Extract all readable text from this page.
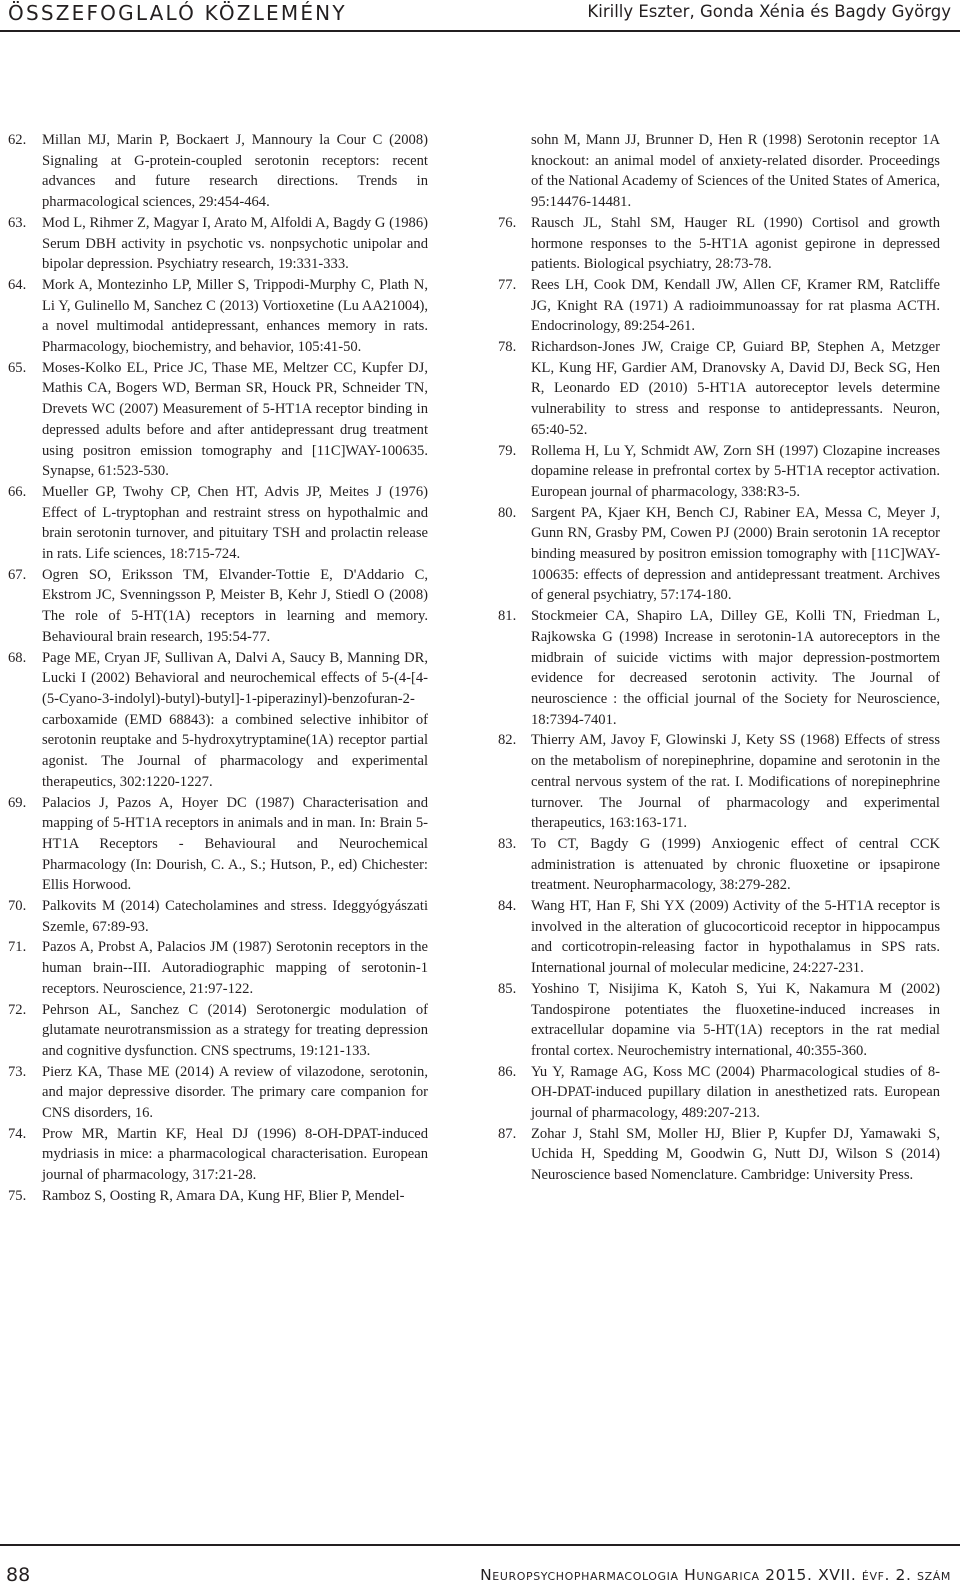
ÖSSZEFOGLALÓ KÖZLEMÉNY	Kirilly Eszter, Gonda Xénia és Bagdy György
62. Millan MJ, Marin P, Bockaert J, Mannoury la Cour C (2008) Signaling at G-protein-coupled serotonin receptors: recent advances and future research directions. Trends in pharmacological sciences, 29:454-464.
63. Mod L, Rihmer Z, Magyar I, Arato M, Alfoldi A, Bagdy G (1986) Serum DBH activity in psychotic vs. nonpsychotic unipolar and bipolar depression. Psychiatry research, 19:331-333.
64. Mork A, Montezinho LP, Miller S, Trippodi-Murphy C, Plath N, Li Y, Gulinello M, Sanchez C (2013) Vortioxetine (Lu AA21004), a novel multimodal antidepressant, enhances memory in rats. Pharmacology, biochemistry, and behavior, 105:41-50.
65. Moses-Kolko EL, Price JC, Thase ME, Meltzer CC, Kupfer DJ, Mathis CA, Bogers WD, Berman SR, Houck PR, Schneider TN, Drevets WC (2007) Measurement of 5-HT1A receptor binding in depressed adults before and after antidepressant drug treatment using positron emission tomography and [11C]WAY-100635. Synapse, 61:523-530.
66. Mueller GP, Twohy CP, Chen HT, Advis JP, Meites J (1976) Effect of L-tryptophan and restraint stress on hypothalmic and brain serotonin turnover, and pituitary TSH and prolactin release in rats. Life sciences, 18:715-724.
67. Ogren SO, Eriksson TM, Elvander-Tottie E, D'Addario C, Ekstrom JC, Svenningsson P, Meister B, Kehr J, Stiedl O (2008) The role of 5-HT(1A) receptors in learning and memory. Behavioural brain research, 195:54-77.
68. Page ME, Cryan JF, Sullivan A, Dalvi A, Saucy B, Manning DR, Lucki I (2002) Behavioral and neurochemical effects of 5-(4-[4-(5-Cyano-3-indolyl)-butyl)-butyl]-1-piperazinyl)-benzofuran-2-carboxamide (EMD 68843): a combined selective inhibitor of serotonin reuptake and 5-hydroxytryptamine(1A) receptor partial agonist. The Journal of pharmacology and experimental therapeutics, 302:1220-1227.
69. Palacios J, Pazos A, Hoyer DC (1987) Characterisation and mapping of 5-HT1A receptors in animals and in man. In: Brain 5-HT1A Receptors - Behavioural and Neurochemical Pharmacology (In: Dourish, C. A., S.; Hutson, P., ed) Chichester: Ellis Horwood.
70. Palkovits M (2014) Catecholamines and stress. Ideggyógyászati Szemle, 67:89-93.
71. Pazos A, Probst A, Palacios JM (1987) Serotonin receptors in the human brain--III. Autoradiographic mapping of serotonin-1 receptors. Neuroscience, 21:97-122.
72. Pehrson AL, Sanchez C (2014) Serotonergic modulation of glutamate neurotransmission as a strategy for treating depression and cognitive dysfunction. CNS spectrums, 19:121-133.
73. Pierz KA, Thase ME (2014) A review of vilazodone, serotonin, and major depressive disorder. The primary care companion for CNS disorders, 16.
74. Prow MR, Martin KF, Heal DJ (1996) 8-OH-DPAT-induced mydriasis in mice: a pharmacological characterisation. European journal of pharmacology, 317:21-28.
75. Ramboz S, Oosting R, Amara DA, Kung HF, Blier P, Mendel-
sohn M, Mann JJ, Brunner D, Hen R (1998) Serotonin receptor 1A knockout: an animal model of anxiety-related disorder. Proceedings of the National Academy of Sciences of the United States of America, 95:14476-14481.
76. Rausch JL, Stahl SM, Hauger RL (1990) Cortisol and growth hormone responses to the 5-HT1A agonist gepirone in depressed patients. Biological psychiatry, 28:73-78.
77. Rees LH, Cook DM, Kendall JW, Allen CF, Kramer RM, Ratcliffe JG, Knight RA (1971) A radioimmunoassay for rat plasma ACTH. Endocrinology, 89:254-261.
78. Richardson-Jones JW, Craige CP, Guiard BP, Stephen A, Metzger KL, Kung HF, Gardier AM, Dranovsky A, David DJ, Beck SG, Hen R, Leonardo ED (2010) 5-HT1A autoreceptor levels determine vulnerability to stress and response to antidepressants. Neuron, 65:40-52.
79. Rollema H, Lu Y, Schmidt AW, Zorn SH (1997) Clozapine increases dopamine release in prefrontal cortex by 5-HT1A receptor activation. European journal of pharmacology, 338:R3-5.
80. Sargent PA, Kjaer KH, Bench CJ, Rabiner EA, Messa C, Meyer J, Gunn RN, Grasby PM, Cowen PJ (2000) Brain serotonin 1A receptor binding measured by positron emission tomography with [11C]WAY-100635: effects of depression and antidepressant treatment. Archives of general psychiatry, 57:174-180.
81. Stockmeier CA, Shapiro LA, Dilley GE, Kolli TN, Friedman L, Rajkowska G (1998) Increase in serotonin-1A autoreceptors in the midbrain of suicide victims with major depression-postmortem evidence for decreased serotonin activity. The Journal of neuroscience : the official journal of the Society for Neuroscience, 18:7394-7401.
82. Thierry AM, Javoy F, Glowinski J, Kety SS (1968) Effects of stress on the metabolism of norepinephrine, dopamine and serotonin in the central nervous system of the rat. I. Modifications of norepinephrine turnover. The Journal of pharmacology and experimental therapeutics, 163:163-171.
83. To CT, Bagdy G (1999) Anxiogenic effect of central CCK administration is attenuated by chronic fluoxetine or ipsapirone treatment. Neuropharmacology, 38:279-282.
84. Wang HT, Han F, Shi YX (2009) Activity of the 5-HT1A receptor is involved in the alteration of glucocorticoid receptor in hippocampus and corticotropin-releasing factor in hypothalamus in SPS rats. International journal of molecular medicine, 24:227-231.
85. Yoshino T, Nisijima K, Katoh S, Yui K, Nakamura M (2002) Tandospirone potentiates the fluoxetine-induced increases in extracellular dopamine via 5-HT(1A) receptors in the rat medial frontal cortex. Neurochemistry international, 40:355-360.
86. Yu Y, Ramage AG, Koss MC (2004) Pharmacological studies of 8-OH-DPAT-induced pupillary dilation in anesthetized rats. European journal of pharmacology, 489:207-213.
87. Zohar J, Stahl SM, Moller HJ, Blier P, Kupfer DJ, Yamawaki S, Uchida H, Spedding M, Goodwin G, Nutt DJ, Wilson S (2014) Neuroscience based Nomenclature. Cambridge: University Press.
88	Neuropsychopharmacologia Hungarica 2015. XVII. évf. 2. szám
